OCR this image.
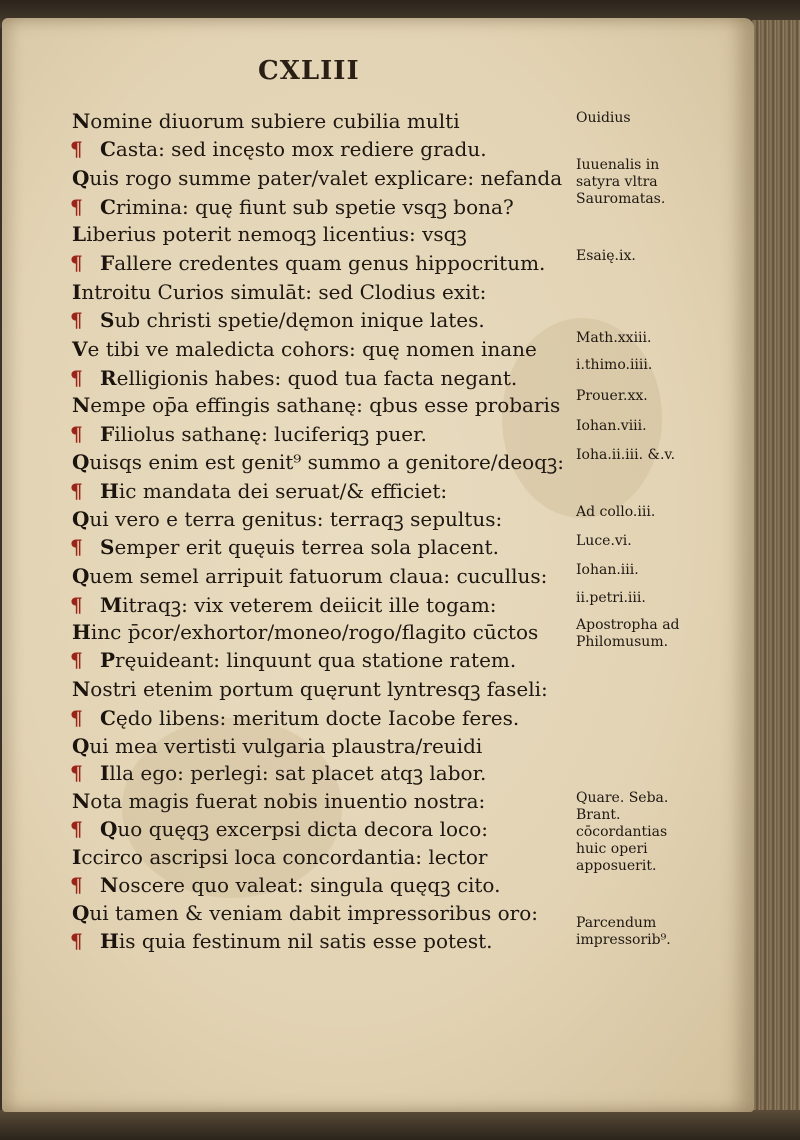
CXLIII
Nomine diuorum subiere cubilia multi
¶ Casta: sed incęsto mox rediere gradu.
Quis rogo summe pater/valet explicare: nefanda
¶ Crimina: quę fiunt sub spetie vsqꝫ bona?
Liberius poterit nemoqꝫ licentius: vsqꝫ
¶ Fallere credentes quam genus hippocritum.
Introitu Curios simulāt: sed Clodius exit:
¶ Sub christi spetie/dęmon inique lates.
Ve tibi ve maledicta cohors: quę nomen inane
¶ Relligionis habes: quod tua facta negant.
Nempe op̄a effingis sathanę: qbus esse probaris
¶ Filiolus sathanę: luciferiqꝫ puer.
Quisqs enim est genit⁹ summo a genitore/deoqꝫ:
¶ Hic mandata dei seruat/& efficiet:
Qui vero e terra genitus: terraqꝫ sepultus:
¶ Semper erit quęuis terrea sola placent.
Quem semel arripuit fatuorum claua: cucullus:
¶ Mitraqꝫ: vix veterem deiicit ille togam:
Hinc p̄cor/exhortor/moneo/rogo/flagito cūctos
¶ Pręuideant: linquunt qua statione ratem.
Nostri etenim portum quęrunt lyntresqꝫ faseli:
¶ Cędo libens: meritum docte Iacobe feres.
Qui mea vertisti vulgaria plaustra/reuidi
¶ Illa ego: perlegi: sat placet atqꝫ labor.
Nota magis fuerat nobis inuentio nostra:
¶ Quo quęqꝫ excerpsi dicta decora loco:
Iccirco ascripsi loca concordantia: lector
¶ Noscere quo valeat: singula quęqꝫ cito.
Qui tamen & veniam dabit impressoribus oro:
¶ His quia festinum nil satis esse potest.
Ouidius
Iuuenalis in satyra vltra Sauromatas.
Esaię.ix.
Math.xxiii.
i.thimo.iiii.
Prouer.xx.
Iohan.viii.
Ioha.ii.iii. &.v.
Ad collo.iii.
Luce.vi.
Iohan.iii.
ii.petri.iii.
Apostropha ad Philomusum.
Quare. Seba. Brant. cōcordantias huic operi apposuerit.
Parcendum impressorib⁹.
